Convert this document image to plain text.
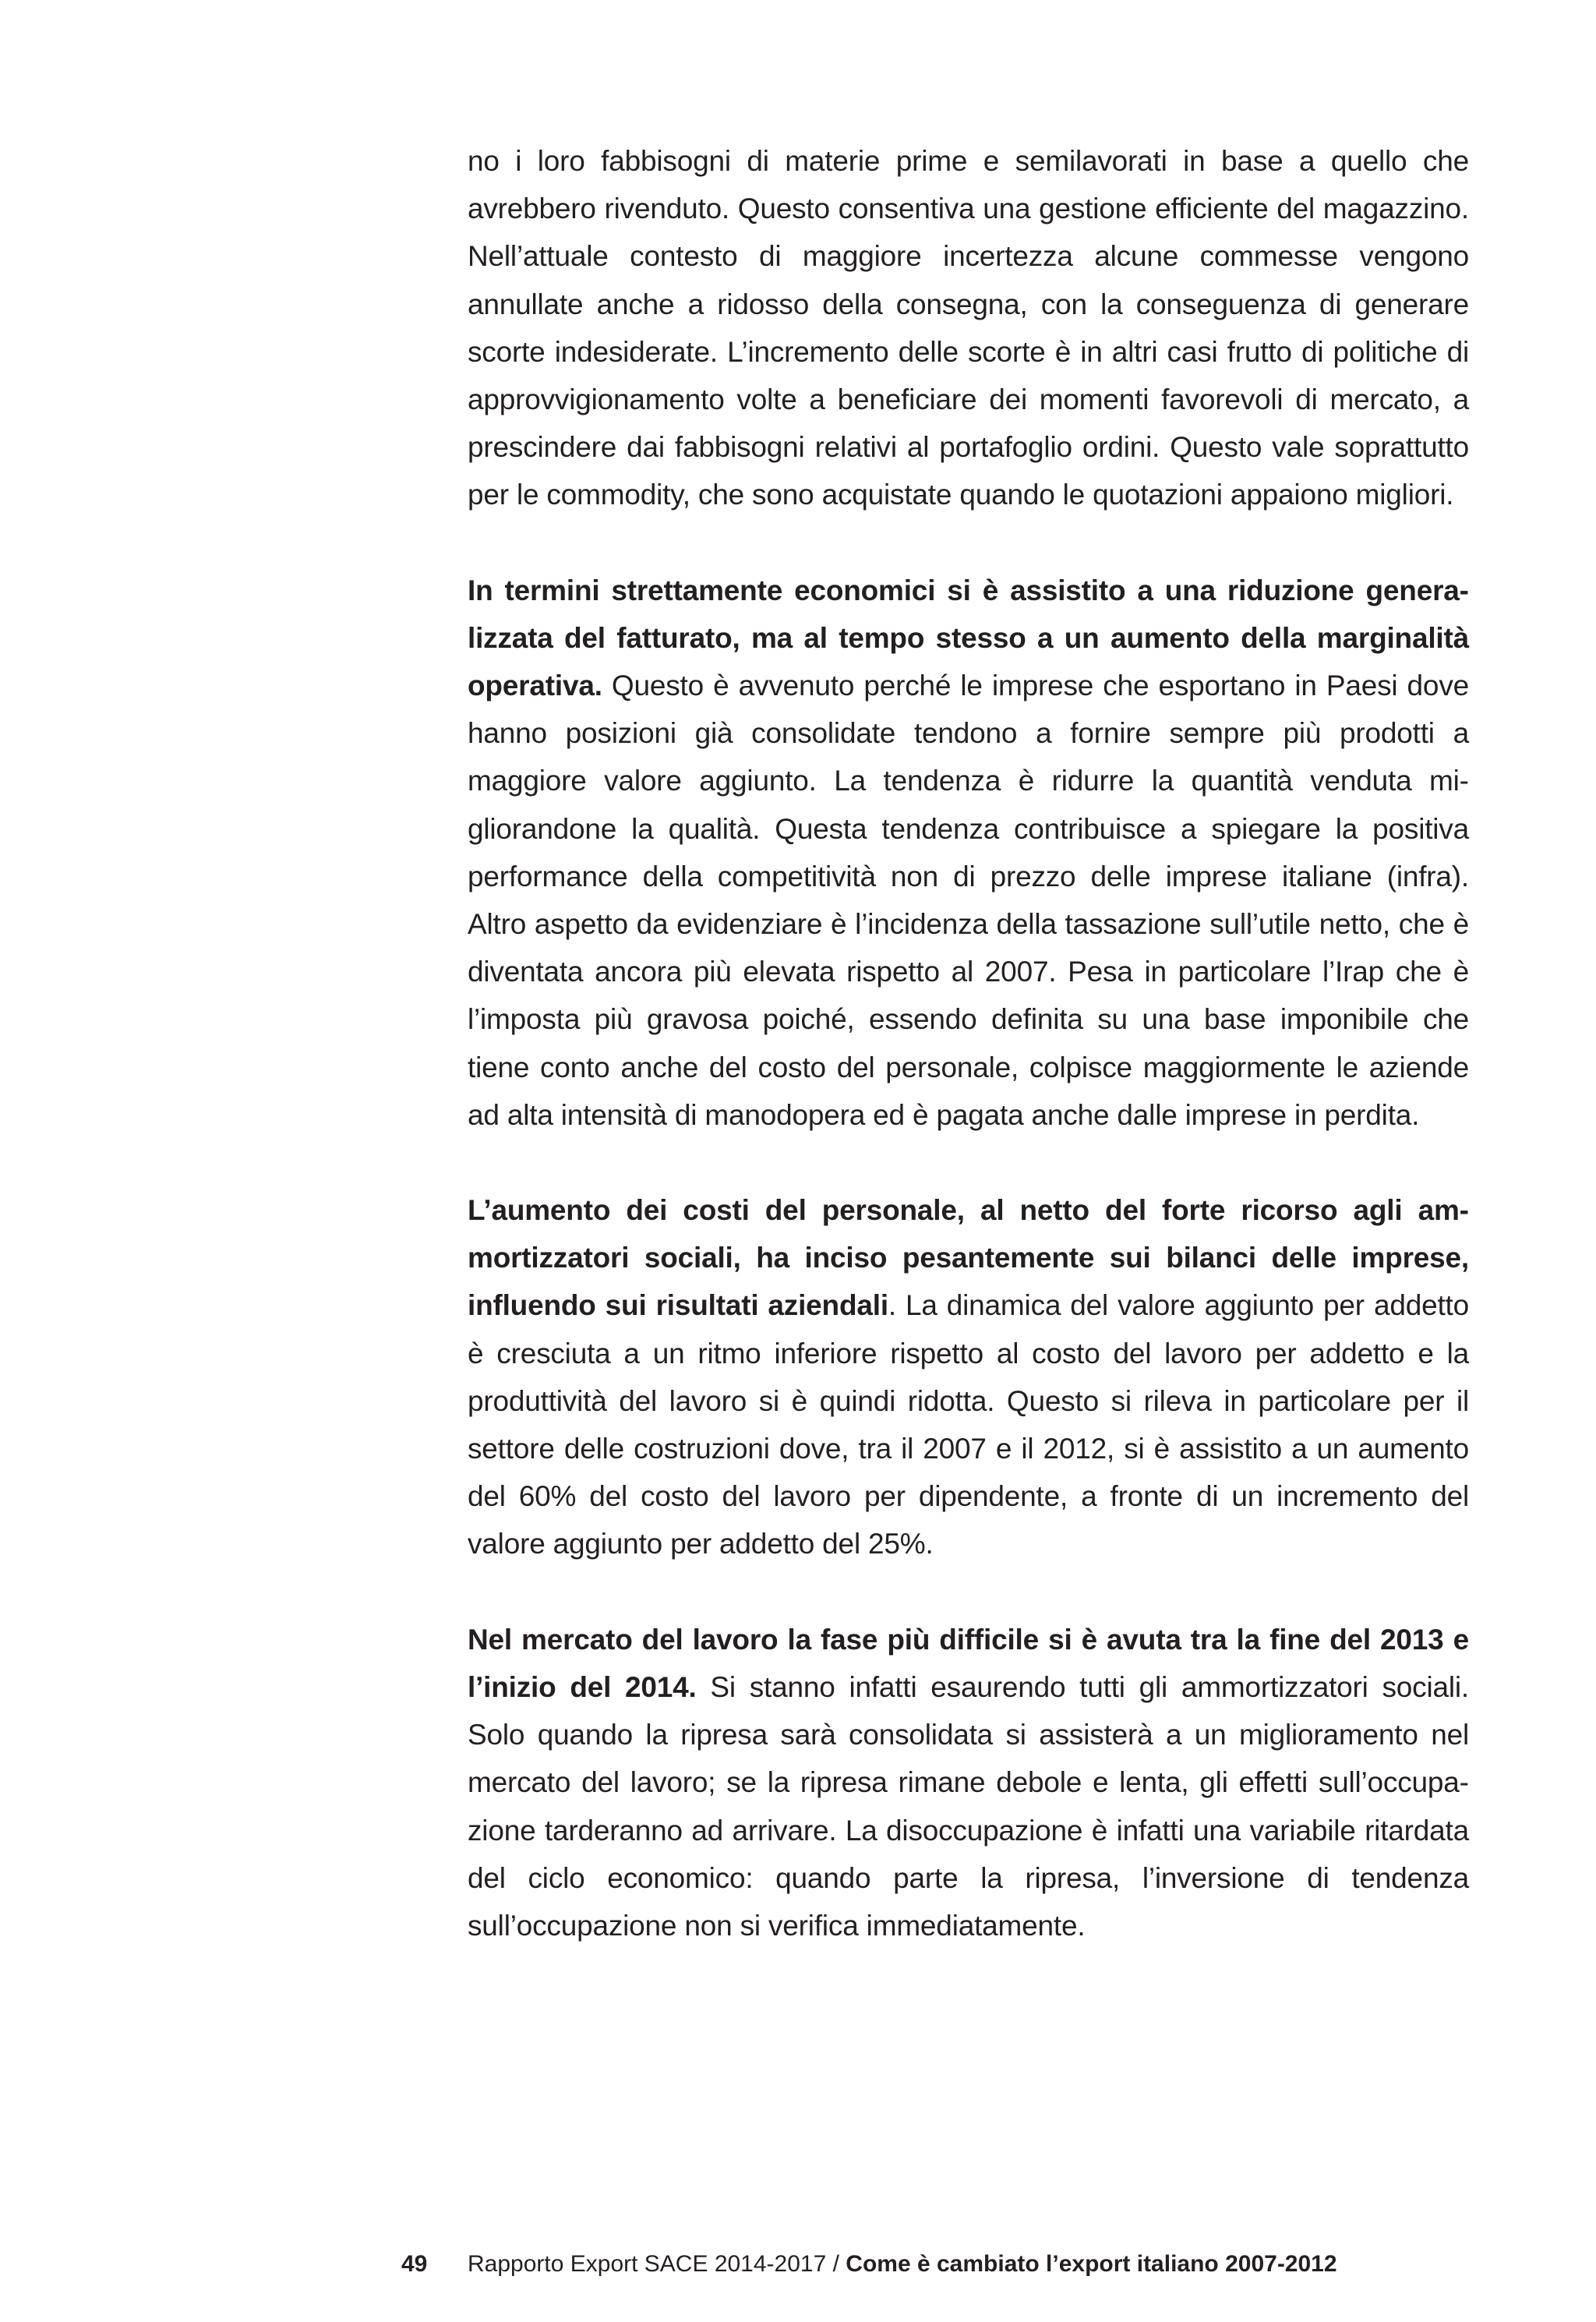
no i loro fabbisogni di materie prime e semilavorati in base a quello che avrebbero rivenduto. Questo consentiva una gestione efficiente del magazzino. Nell’attuale contesto di maggiore incertezza alcune commesse vengono annullate anche a ridosso della consegna, con la conseguenza di generare scorte indesiderate. L’incremento delle scorte è in altri casi frutto di politiche di approvvigionamento volte a beneficiare dei momenti favorevoli di mercato, a prescindere dai fabbisogni relativi al portafoglio ordini. Questo vale soprattutto per le commodity, che sono acquistate quando le quotazioni appaiono migliori.

In termini strettamente economici si è assistito a una riduzione generalizzata del fatturato, ma al tempo stesso a un aumento della marginalità operativa. Questo è avvenuto perché le imprese che esportano in Paesi dove hanno posizioni già consolidate tendono a fornire sempre più prodotti a maggiore valore aggiunto. La tendenza è ridurre la quantità venduta migliorandone la qualità. Questa tendenza contribuisce a spiegare la positiva performance della competitività non di prezzo delle imprese italiane (infra). Altro aspetto da evidenziare è l’incidenza della tassazione sull’utile netto, che è diventata ancora più elevata rispetto al 2007. Pesa in particolare l’Irap che è l’imposta più gravosa poiché, essendo definita su una base imponibile che tiene conto anche del costo del personale, colpisce maggiormente le aziende ad alta intensità di manodopera ed è pagata anche dalle imprese in perdita.

L’aumento dei costi del personale, al netto del forte ricorso agli ammortizzatori sociali, ha inciso pesantemente sui bilanci delle imprese, influendo sui risultati aziendali. La dinamica del valore aggiunto per addetto è cresciuta a un ritmo inferiore rispetto al costo del lavoro per addetto e la produttività del lavoro si è quindi ridotta. Questo si rileva in particolare per il settore delle costruzioni dove, tra il 2007 e il 2012, si è assistito a un aumento del 60% del costo del lavoro per dipendente, a fronte di un incremento del valore aggiunto per addetto del 25%.

Nel mercato del lavoro la fase più difficile si è avuta tra la fine del 2013 e l’inizio del 2014. Si stanno infatti esaurendo tutti gli ammortizzatori sociali. Solo quando la ripresa sarà consolidata si assisterà a un miglioramento nel mercato del lavoro; se la ripresa rimane debole e lenta, gli effetti sull’occupazione tarderanno ad arrivare. La disoccupazione è infatti una variabile ritardata del ciclo economico: quando parte la ripresa, l’inversione di tendenza sull’occupazione non si verifica immediatamente.

49 Rapporto Export SACE 2014-2017 / Come è cambiato l’export italiano 2007-2012
